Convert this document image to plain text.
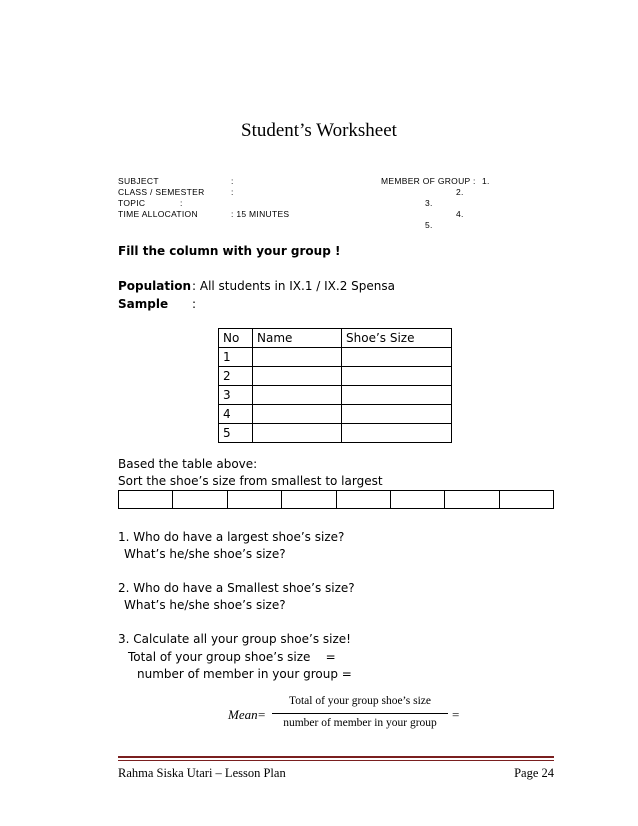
Student’s Worksheet
SUBJECT	:
CLASS / SEMESTER	:
TOPIC	:
TIME ALLOCATION	: 15 MINUTES
MEMBER OF GROUP : 1.
2.
3.
4.
5.
Fill the column with your group !
Population : All students in IX.1 / IX.2 Spensa
Sample :
No	Name	Shoe’s Size
1		
2		
3		
4		
5		
Based the table above:
Sort the shoe’s size from smallest to largest

1. Who do have a largest shoe’s size?
What’s he/she shoe’s size?
2. Who do have a Smallest shoe’s size?
What’s he/she shoe’s size?
3. Calculate all your group shoe’s size!
Total of your group shoe’s size    =
number of member in your group =
Mean =
Total of your group shoe’s size
number of member in your group
=
Rahma Siska Utari – Lesson Plan	Page 24
